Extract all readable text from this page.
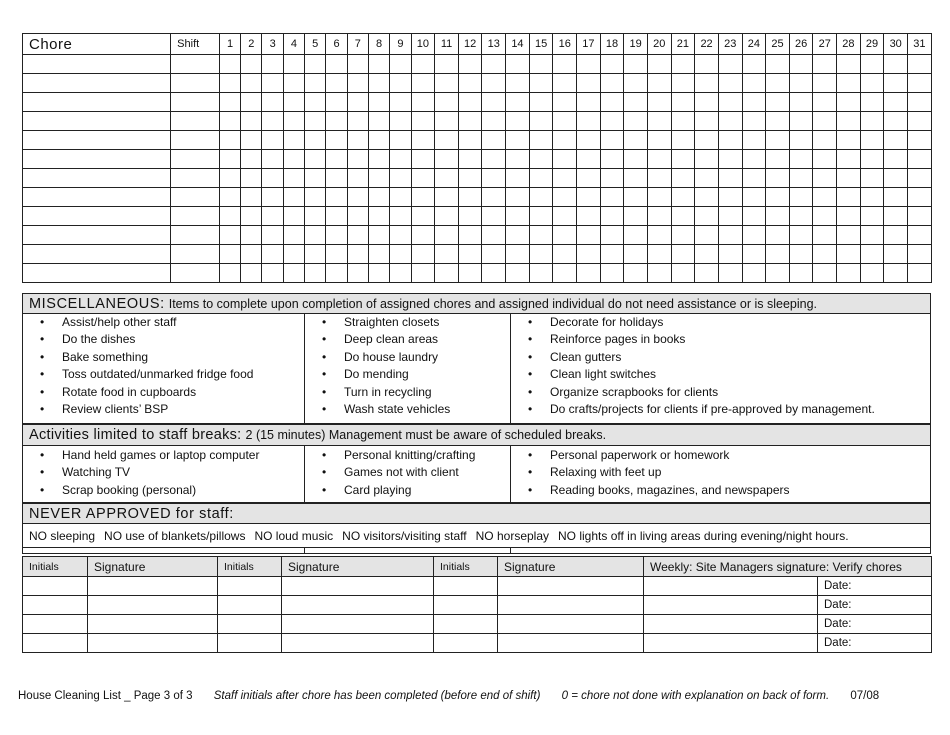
Chore	Shift	1	2	3	4	5	6	7	8	9	10	11	12	13	14	15	16	17	18	19	20	21	22	23	24	25	26	27	28	29	30	31

MISCELLANEOUS: Items to complete upon completion of assigned chores and assigned individual do not need assistance or is sleeping.
• Assist/help other staff
• Do the dishes
• Bake something
• Toss outdated/unmarked fridge food
• Rotate food in cupboards
• Review clients’ BSP
• Straighten closets
• Deep clean areas
• Do house laundry
• Do mending
• Turn in recycling
• Wash state vehicles
• Decorate for holidays
• Reinforce pages in books
• Clean gutters
• Clean light switches
• Organize scrapbooks for clients
• Do crafts/projects for clients if pre-approved by management.
Activities limited to staff breaks: 2 (15 minutes) Management must be aware of scheduled breaks.
• Hand held games or laptop computer
• Watching TV
• Scrap booking (personal)
• Personal knitting/crafting
• Games not with client
• Card playing
• Personal paperwork or homework
• Relaxing with feet up
• Reading books, magazines, and newspapers
NEVER APPROVED for staff:
NO sleeping NO use of blankets/pillows NO loud music NO visitors/visiting staff NO horseplay NO lights off in living areas during evening/night hours.
Initials	Signature	Initials	Signature	Initials	Signature	Weekly: Site Managers signature: Verify chores	
							Date:
							Date:
							Date:
							Date:
House Cleaning List _ Page 3 of 3 Staff initials after chore has been completed (before end of shift) 0 = chore not done with explanation on back of form. 07/08
